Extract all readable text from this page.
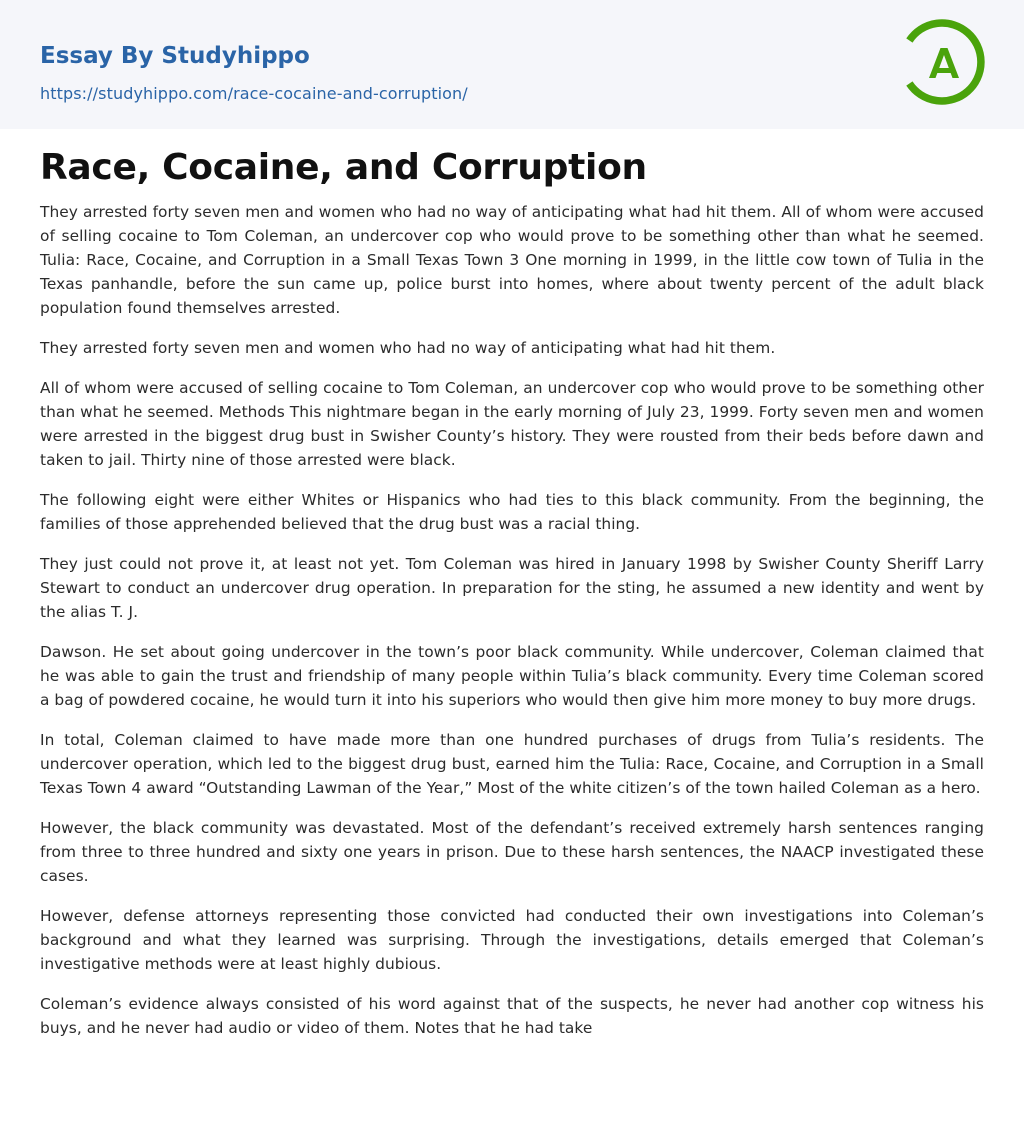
Essay By Studyhippo
https://studyhippo.com/race-cocaine-and-corruption/
Race, Cocaine, and Corruption

They arrested forty seven men and women who had no way of anticipating what had hit them. All of whom were accused of selling cocaine to Tom Coleman, an undercover cop who would prove to be something other than what he seemed. Tulia: Race, Cocaine, and Corruption in a Small Texas Town 3 One morning in 1999, in the little cow town of Tulia in the Texas panhandle, before the sun came up, police burst into homes, where about twenty percent of the adult black population found themselves arrested.

They arrested forty seven men and women who had no way of anticipating what had hit them.

All of whom were accused of selling cocaine to Tom Coleman, an undercover cop who would prove to be something other than what he seemed. Methods This nightmare began in the early morning of July 23, 1999. Forty seven men and women were arrested in the biggest drug bust in Swisher County’s history. They were rousted from their beds before dawn and taken to jail. Thirty nine of those arrested were black.

The following eight were either Whites or Hispanics who had ties to this black community. From the beginning, the families of those apprehended believed that the drug bust was a racial thing.

They just could not prove it, at least not yet. Tom Coleman was hired in January 1998 by Swisher County Sheriff Larry Stewart to conduct an undercover drug operation. In preparation for the sting, he assumed a new identity and went by the alias T. J.

Dawson. He set about going undercover in the town’s poor black community. While undercover, Coleman claimed that he was able to gain the trust and friendship of many people within Tulia’s black community. Every time Coleman scored a bag of powdered cocaine, he would turn it into his superiors who would then give him more money to buy more drugs.

In total, Coleman claimed to have made more than one hundred purchases of drugs from Tulia’s residents. The undercover operation, which led to the biggest drug bust, earned him the Tulia: Race, Cocaine, and Corruption in a Small Texas Town 4 award “Outstanding Lawman of the Year,” Most of the white citizen’s of the town hailed Coleman as a hero.

However, the black community was devastated. Most of the defendant’s received extremely harsh sentences ranging from three to three hundred and sixty one years in prison. Due to these harsh sentences, the NAACP investigated these cases.

However, defense attorneys representing those convicted had conducted their own investigations into Coleman’s background and what they learned was surprising. Through the investigations, details emerged that Coleman’s investigative methods were at least highly dubious.

Coleman’s evidence always consisted of his word against that of the suspects, he never had another cop witness his buys, and he never had audio or video of them. Notes that he had take
